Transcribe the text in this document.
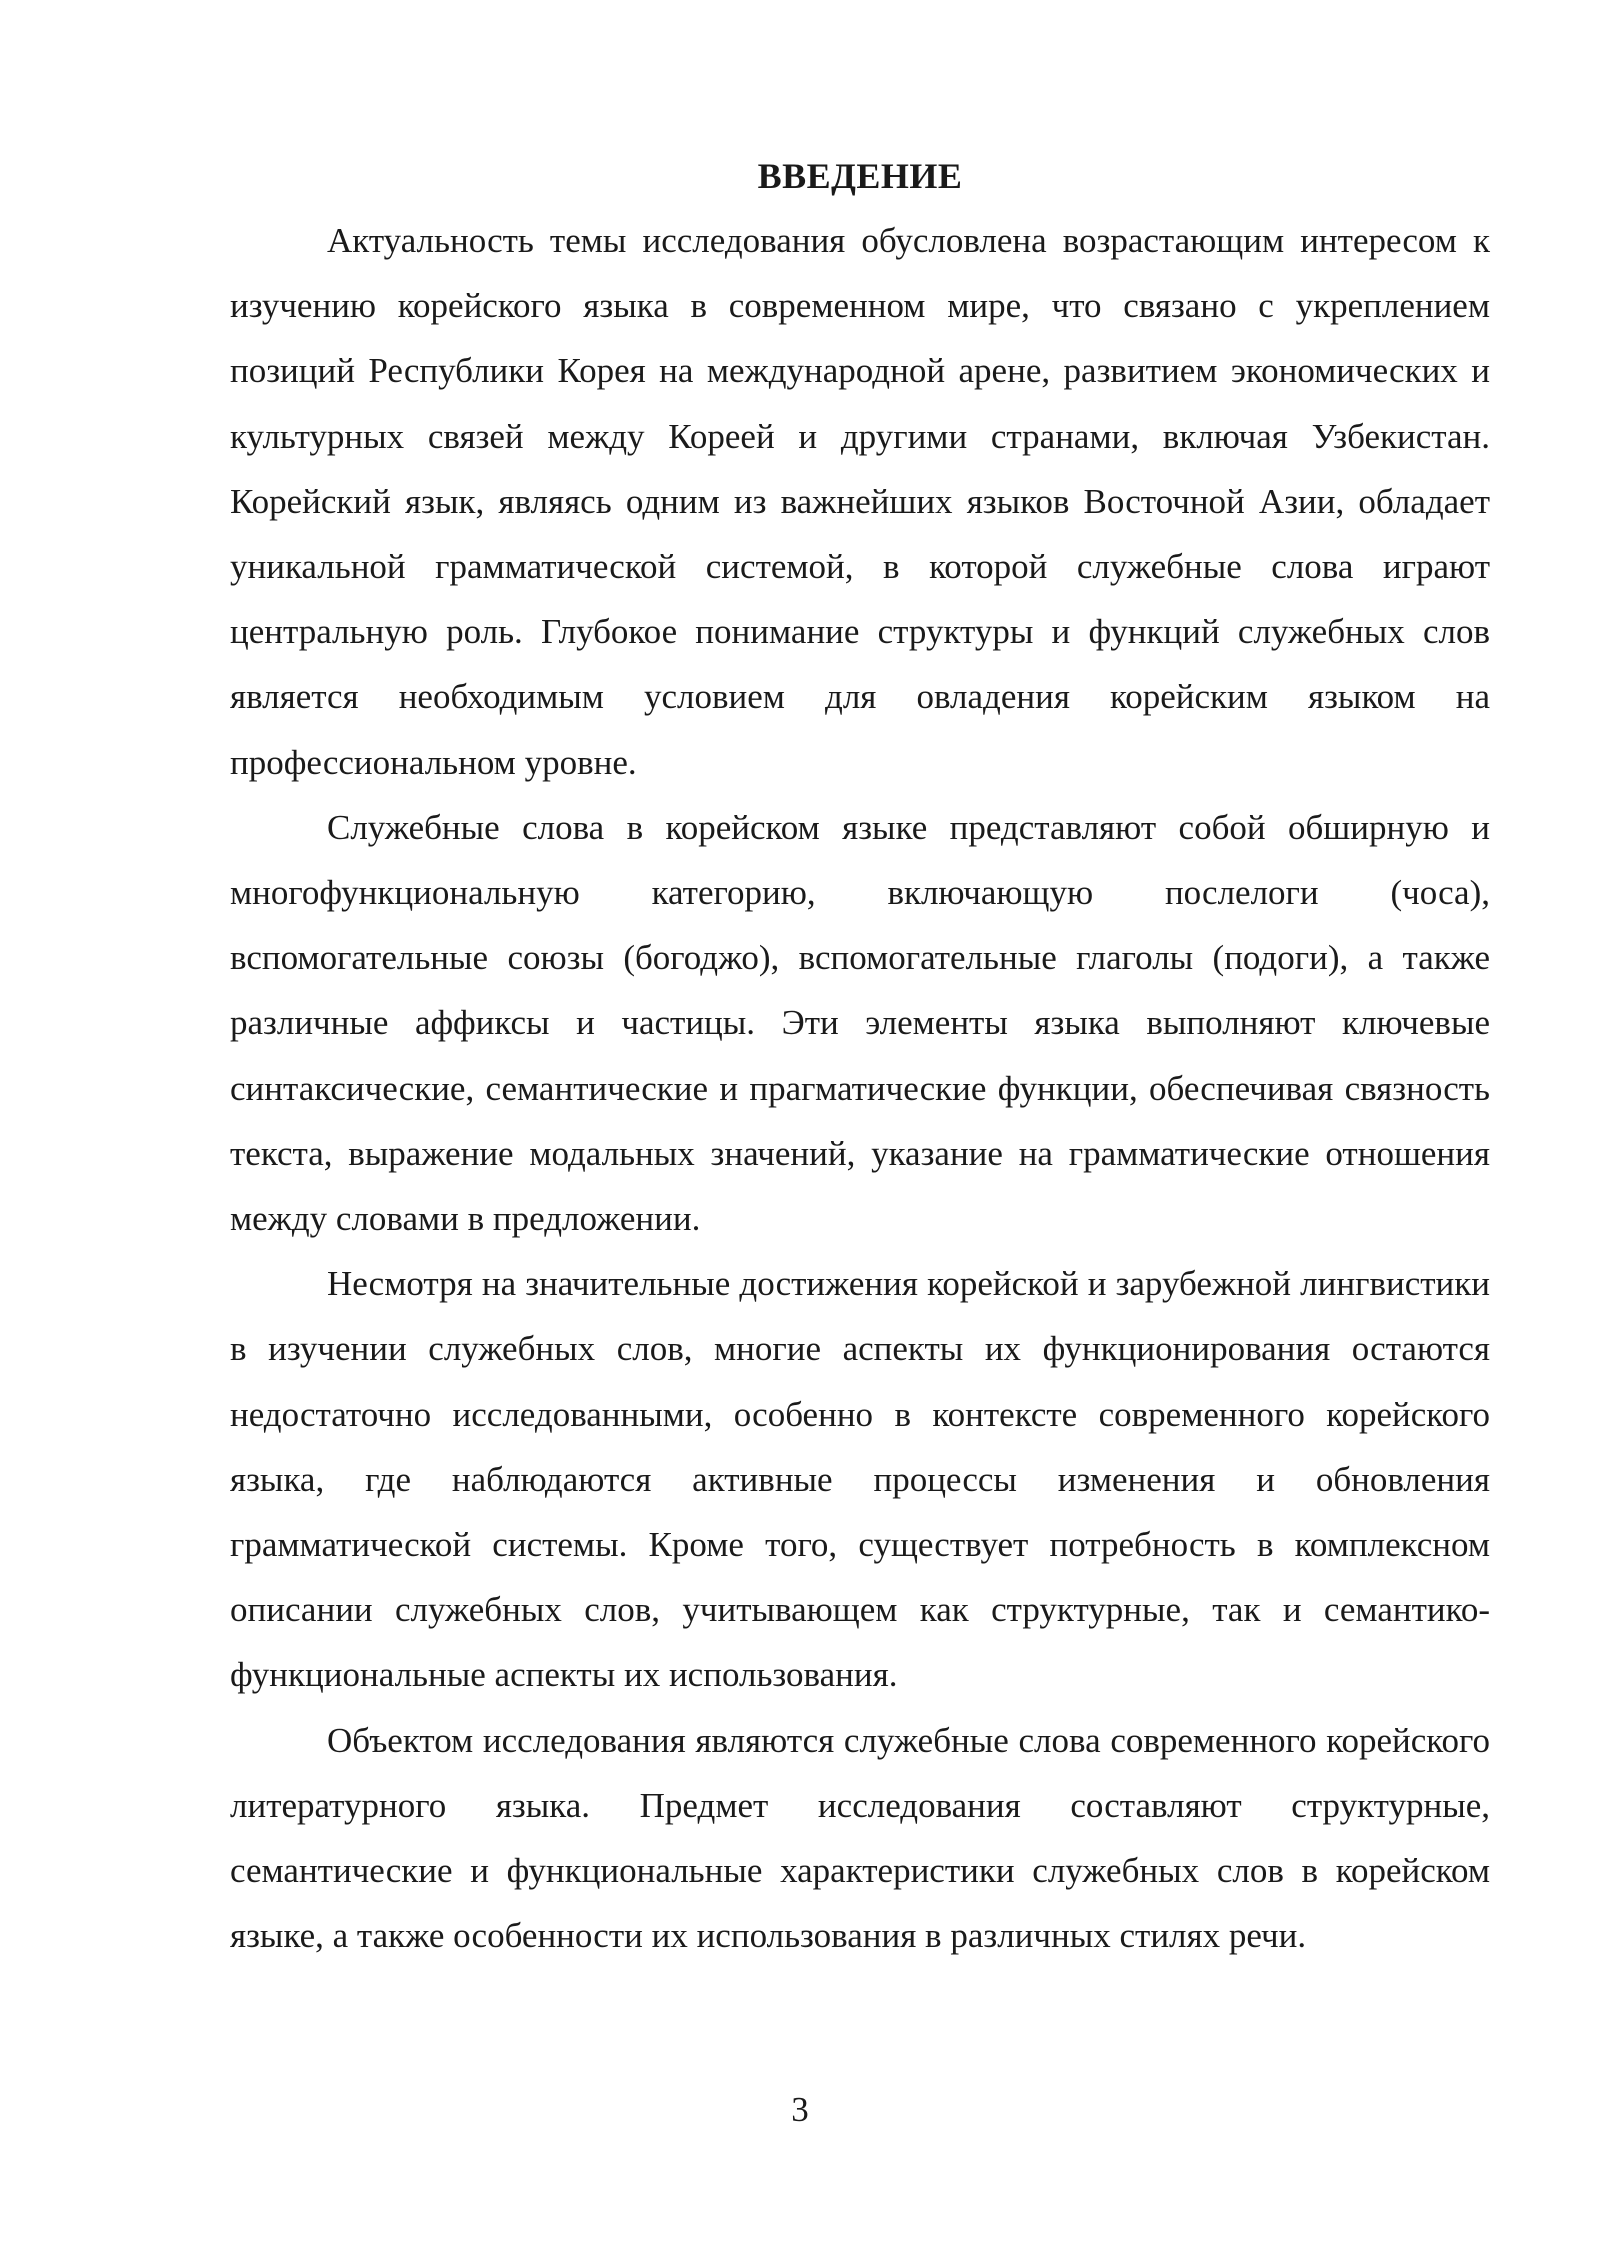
ВВЕДЕНИЕ

Актуальность темы исследования обусловлена возрастающим интересом к изучению корейского языка в современном мире, что связано с укреплением позиций Республики Корея на международной арене, развитием экономических и культурных связей между Кореей и другими странами, включая Узбекистан. Корейский язык, являясь одним из важнейших языков Восточной Азии, обладает уникальной грамматической системой, в которой служебные слова играют центральную роль. Глубокое понимание структуры и функций служебных слов является необходимым условием для овладения корейским языком на профессиональном уровне.

Служебные слова в корейском языке представляют собой обширную и многофункциональную категорию, включающую послелоги (чоса), вспомогательные союзы (богоджо), вспомогательные глаголы (подоги), а также различные аффиксы и частицы. Эти элементы языка выполняют ключевые синтаксические, семантические и прагматические функции, обеспечивая связность текста, выражение модальных значений, указание на грамматические отношения между словами в предложении.

Несмотря на значительные достижения корейской и зарубежной лингвистики в изучении служебных слов, многие аспекты их функционирования остаются недостаточно исследованными, особенно в контексте современного корейского языка, где наблюдаются активные процессы изменения и обновления грамматической системы. Кроме того, существует потребность в комплексном описании служебных слов, учитывающем как структурные, так и семантико-функциональные аспекты их использования.

Объектом исследования являются служебные слова современного корейского литературного языка. Предмет исследования составляют структурные, семантические и функциональные характеристики служебных слов в корейском языке, а также особенности их использования в различных стилях речи.

3
